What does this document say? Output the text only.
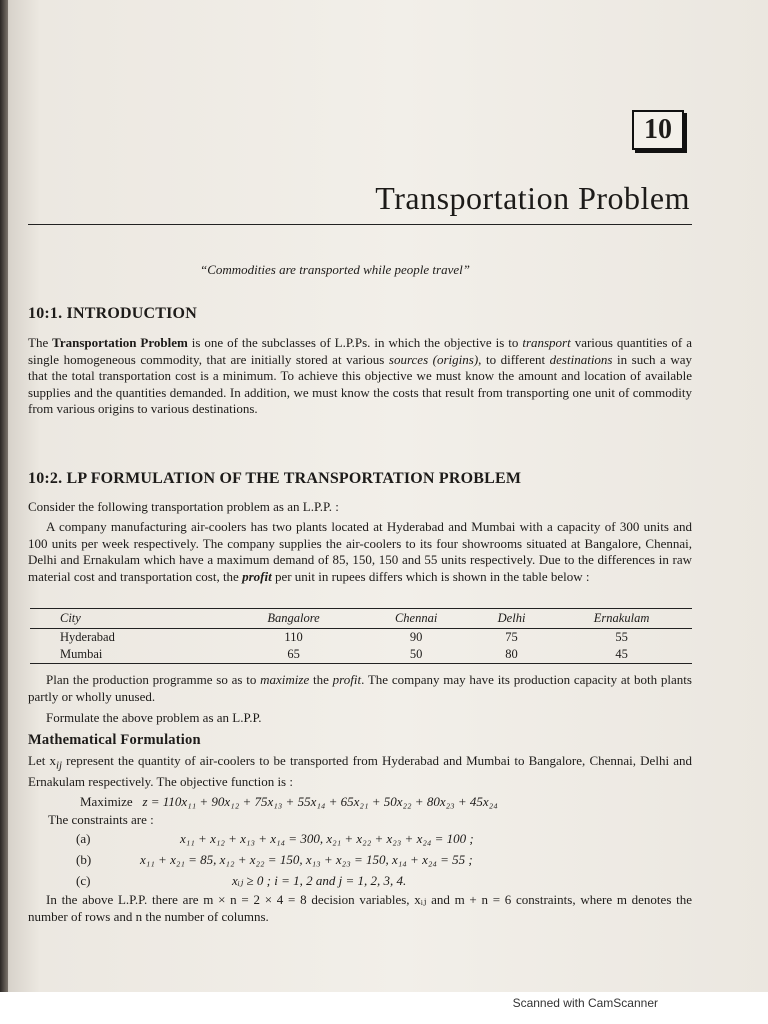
10
Transportation Problem
“Commodities are transported while people travel”
10:1. INTRODUCTION

The Transportation Problem is one of the subclasses of L.P.Ps. in which the objective is to transport various quantities of a single homogeneous commodity, that are initially stored at various sources (origins), to different destinations in such a way that the total transportation cost is a minimum. To achieve this objective we must know the amount and location of available supplies and the quantities demanded. In addition, we must know the costs that result from transporting one unit of commodity from various origins to various destinations.

10:2. LP FORMULATION OF THE TRANSPORTATION PROBLEM
Consider the following transportation problem as an L.P.P. :

A company manufacturing air-coolers has two plants located at Hyderabad and Mumbai with a capacity of 300 units and 100 units per week respectively. The company supplies the air-coolers to its four showrooms situated at Bangalore, Chennai, Delhi and Ernakulam which have a maximum demand of 85, 150, 150 and 55 units respectively. Due to the differences in raw material cost and transportation cost, the profit per unit in rupees differs which is shown in the table below :

City	Bangalore	Chennai	Delhi	Ernakulam
Hyderabad	110	90	75	55
Mumbai	65	50	80	45

Plan the production programme so as to maximize the profit. The company may have its production capacity at both plants partly or wholly unused.

Formulate the above problem as an L.P.P.
Mathematical Formulation

Let $x_{ij}$ represent the quantity of air-coolers to be transported from Hyderabad and Mumbai to Bangalore, Chennai, Delhi and Ernakulam respectively. The objective function is :

Maximize z = 110x₁₁ + 90x₁₂ + 75x₁₃ + 55x₁₄ + 65x₂₁ + 50x₂₂ + 80x₂₃ + 45x₂₄
The constraints are :
(a)	x₁₁ + x₁₂ + x₁₃ + x₁₄ = 300, x₂₁ + x₂₂ + x₂₃ + x₂₄ = 100 ;
(b)	x₁₁ + x₂₁ = 85, x₁₂ + x₂₂ = 150, x₁₃ + x₂₃ = 150, x₁₄ + x₂₄ = 55 ;
(c)	xᵢⱼ ≥ 0 ; i = 1, 2 and j = 1, 2, 3, 4.
In the above L.P.P. there are m × n = 2 × 4 = 8 decision variables, xᵢⱼ and m + n = 6 constraints, where m denotes the number of rows and n the number of columns.
Scanned with CamScanner
